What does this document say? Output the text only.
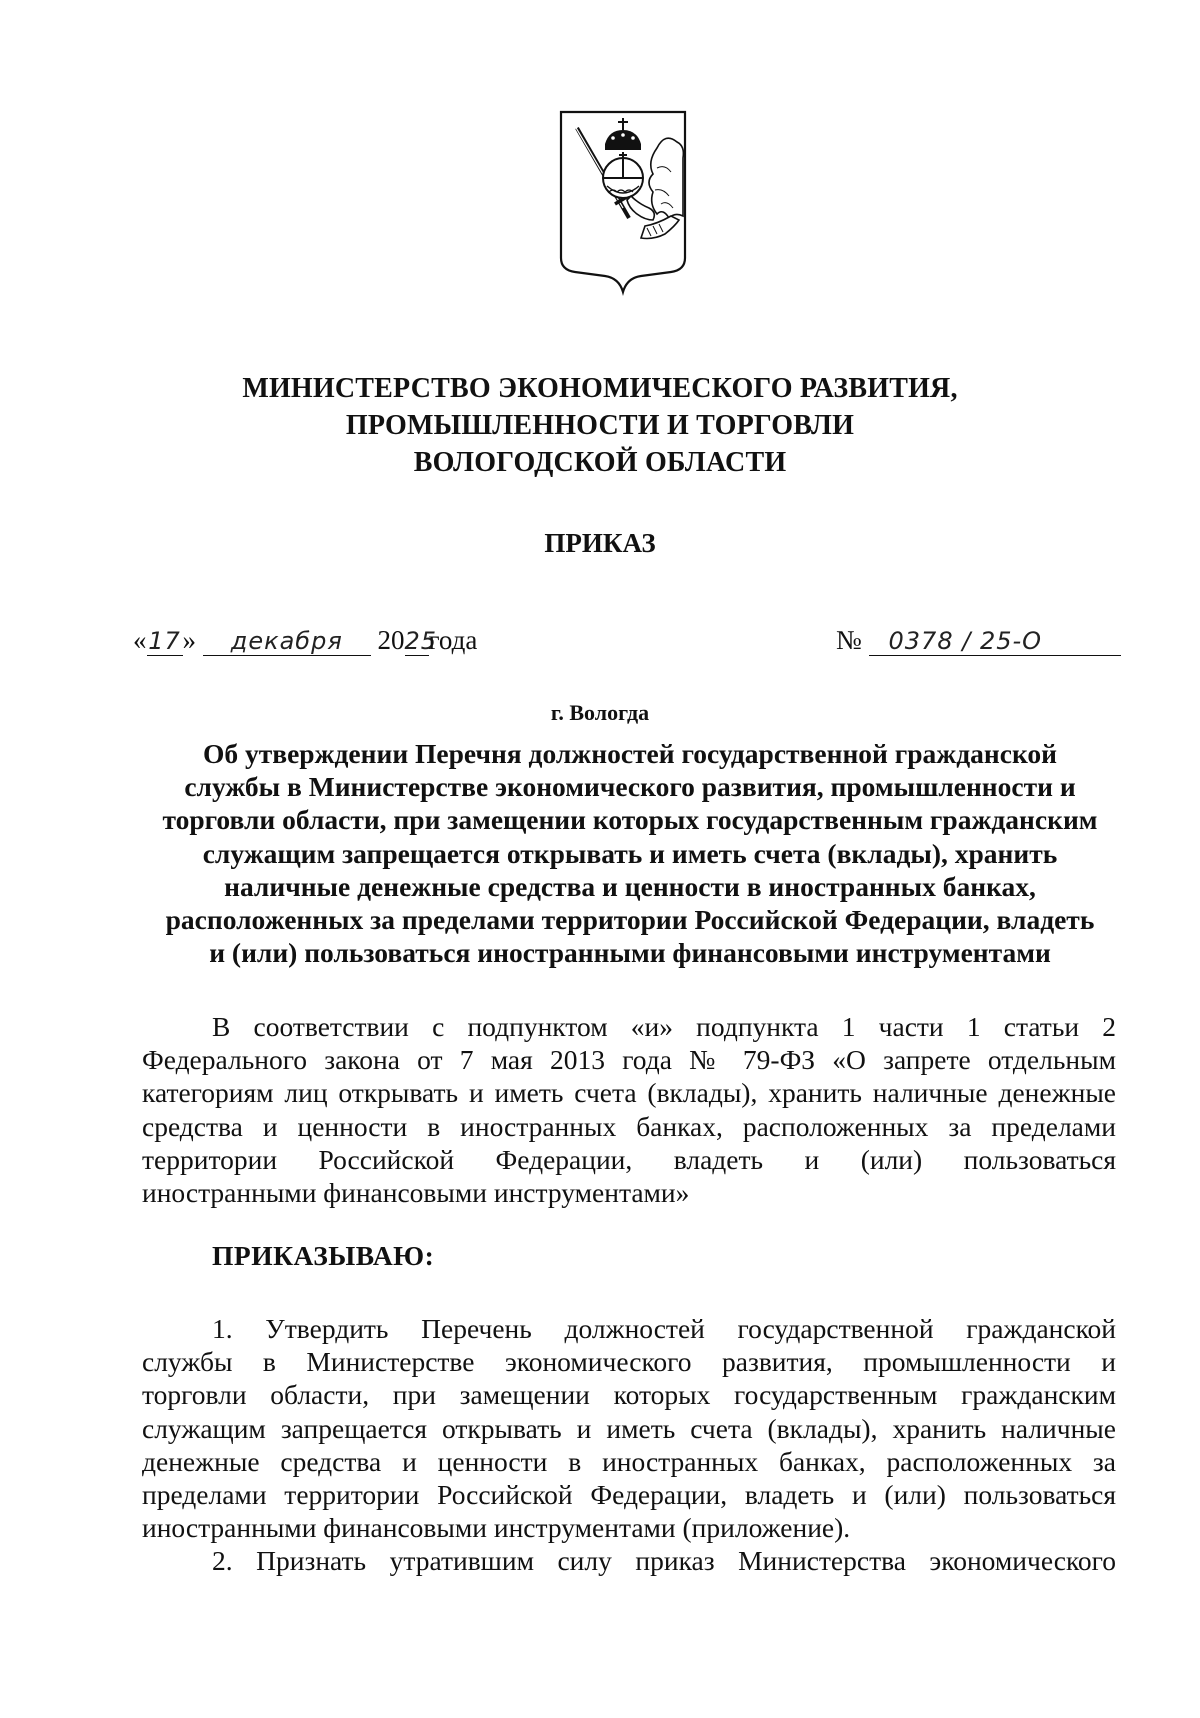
МИНИСТЕРСТВО ЭКОНОМИЧЕСКОГО РАЗВИТИЯ,
ПРОМЫШЛЕННОСТИ И ТОРГОВЛИ
ВОЛОГОДСКОЙ ОБЛАСТИ
ПРИКАЗ
«17» декабря 2025года	№ 0378 / 25-О
г. Вологда
Об утверждении Перечня должностей государственной гражданской
службы в Министерстве экономического развития, промышленности и
торговли области, при замещении которых государственным гражданским
служащим запрещается открывать и иметь счета (вклады), хранить
наличные денежные средства и ценности в иностранных банках,
расположенных за пределами территории Российской Федерации, владеть
и (или) пользоваться иностранными финансовыми инструментами
В соответствии с подпунктом «и» подпункта 1 части 1 статьи 2
Федерального закона от 7 мая 2013 года № 79-ФЗ «О запрете отдельным
категориям лиц открывать и иметь счета (вклады), хранить наличные денежные
средства и ценности в иностранных банках, расположенных за пределами
территории Российской Федерации, владеть и (или) пользоваться
иностранными финансовыми инструментами»
ПРИКАЗЫВАЮ:
1. Утвердить Перечень должностей государственной гражданской
службы в Министерстве экономического развития, промышленности и
торговли области, при замещении которых государственным гражданским
служащим запрещается открывать и иметь счета (вклады), хранить наличные
денежные средства и ценности в иностранных банках, расположенных за
пределами территории Российской Федерации, владеть и (или) пользоваться
иностранными финансовыми инструментами (приложение).
2. Признать утратившим силу приказ Министерства экономического
